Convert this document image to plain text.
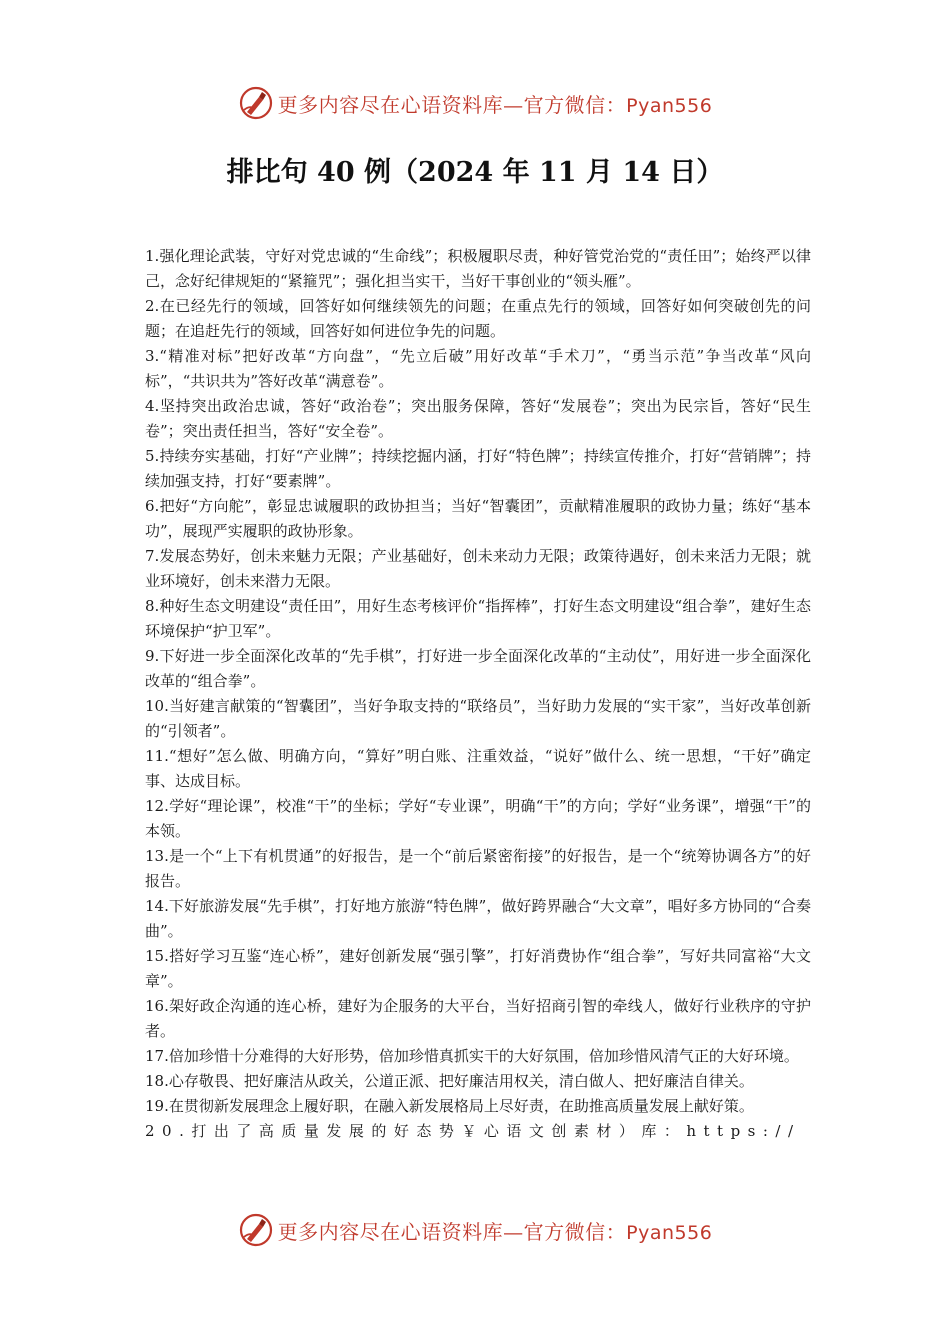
更多内容尽在心语资料库—官方微信：Pyan556
排比句 40 例（2024 年 11 月 14 日）

1.强化理论武装，守好对党忠诚的“生命线”；积极履职尽责，种好管党治党的“责任田”；始终严以律己，念好纪律规矩的“紧箍咒”；强化担当实干，当好干事创业的“领头雁”。

2.在已经先行的领域，回答好如何继续领先的问题；在重点先行的领域，回答好如何突破创先的问题；在追赶先行的领域，回答好如何进位争先的问题。

3.“精准对标”把好改革“方向盘”，“先立后破”用好改革“手术刀”，“勇当示范”争当改革“风向标”，“共识共为”答好改革“满意卷”。

4.坚持突出政治忠诚，答好“政治卷”；突出服务保障，答好“发展卷”；突出为民宗旨，答好“民生卷”；突出责任担当，答好“安全卷”。

5.持续夯实基础，打好“产业牌”；持续挖掘内涵，打好“特色牌”；持续宣传推介，打好“营销牌”；持续加强支持，打好“要素牌”。

6.把好“方向舵”，彰显忠诚履职的政协担当；当好“智囊团”，贡献精准履职的政协力量；练好“基本功”，展现严实履职的政协形象。

7.发展态势好，创未来魅力无限；产业基础好，创未来动力无限；政策待遇好，创未来活力无限；就业环境好，创未来潜力无限。

8.种好生态文明建设“责任田”，用好生态考核评价“指挥棒”，打好生态文明建设“组合拳”，建好生态环境保护“护卫军”。

9.下好进一步全面深化改革的“先手棋”，打好进一步全面深化改革的“主动仗”，用好进一步全面深化改革的“组合拳”。

10.当好建言献策的“智囊团”，当好争取支持的“联络员”，当好助力发展的“实干家”，当好改革创新的“引领者”。

11.“想好”怎么做、明确方向，“算好”明白账、注重效益，“说好”做什么、统一思想，“干好”确定事、达成目标。

12.学好“理论课”，校准“干”的坐标；学好“专业课”，明确“干”的方向；学好“业务课”，增强“干”的本领。

13.是一个“上下有机贯通”的好报告，是一个“前后紧密衔接”的好报告，是一个“统筹协调各方”的好报告。

14.下好旅游发展“先手棋”，打好地方旅游“特色牌”，做好跨界融合“大文章”，唱好多方协同的“合奏曲”。

15.搭好学习互鉴“连心桥”，建好创新发展“强引擎”，打好消费协作“组合拳”，写好共同富裕“大文章”。

16.架好政企沟通的连心桥，建好为企服务的大平台，当好招商引智的牵线人，做好行业秩序的守护者。

17.倍加珍惜十分难得的大好形势，倍加珍惜真抓实干的大好氛围，倍加珍惜风清气正的大好环境。

18.心存敬畏、把好廉洁从政关，公道正派、把好廉洁用权关，清白做人、把好廉洁自律关。

19.在贯彻新发展理念上履好职，在融入新发展格局上尽好责，在助推高质量发展上献好策。

20.打出了高质量发展的好态势￥心语文创素材）库：https://

更多内容尽在心语资料库—官方微信：Pyan556
